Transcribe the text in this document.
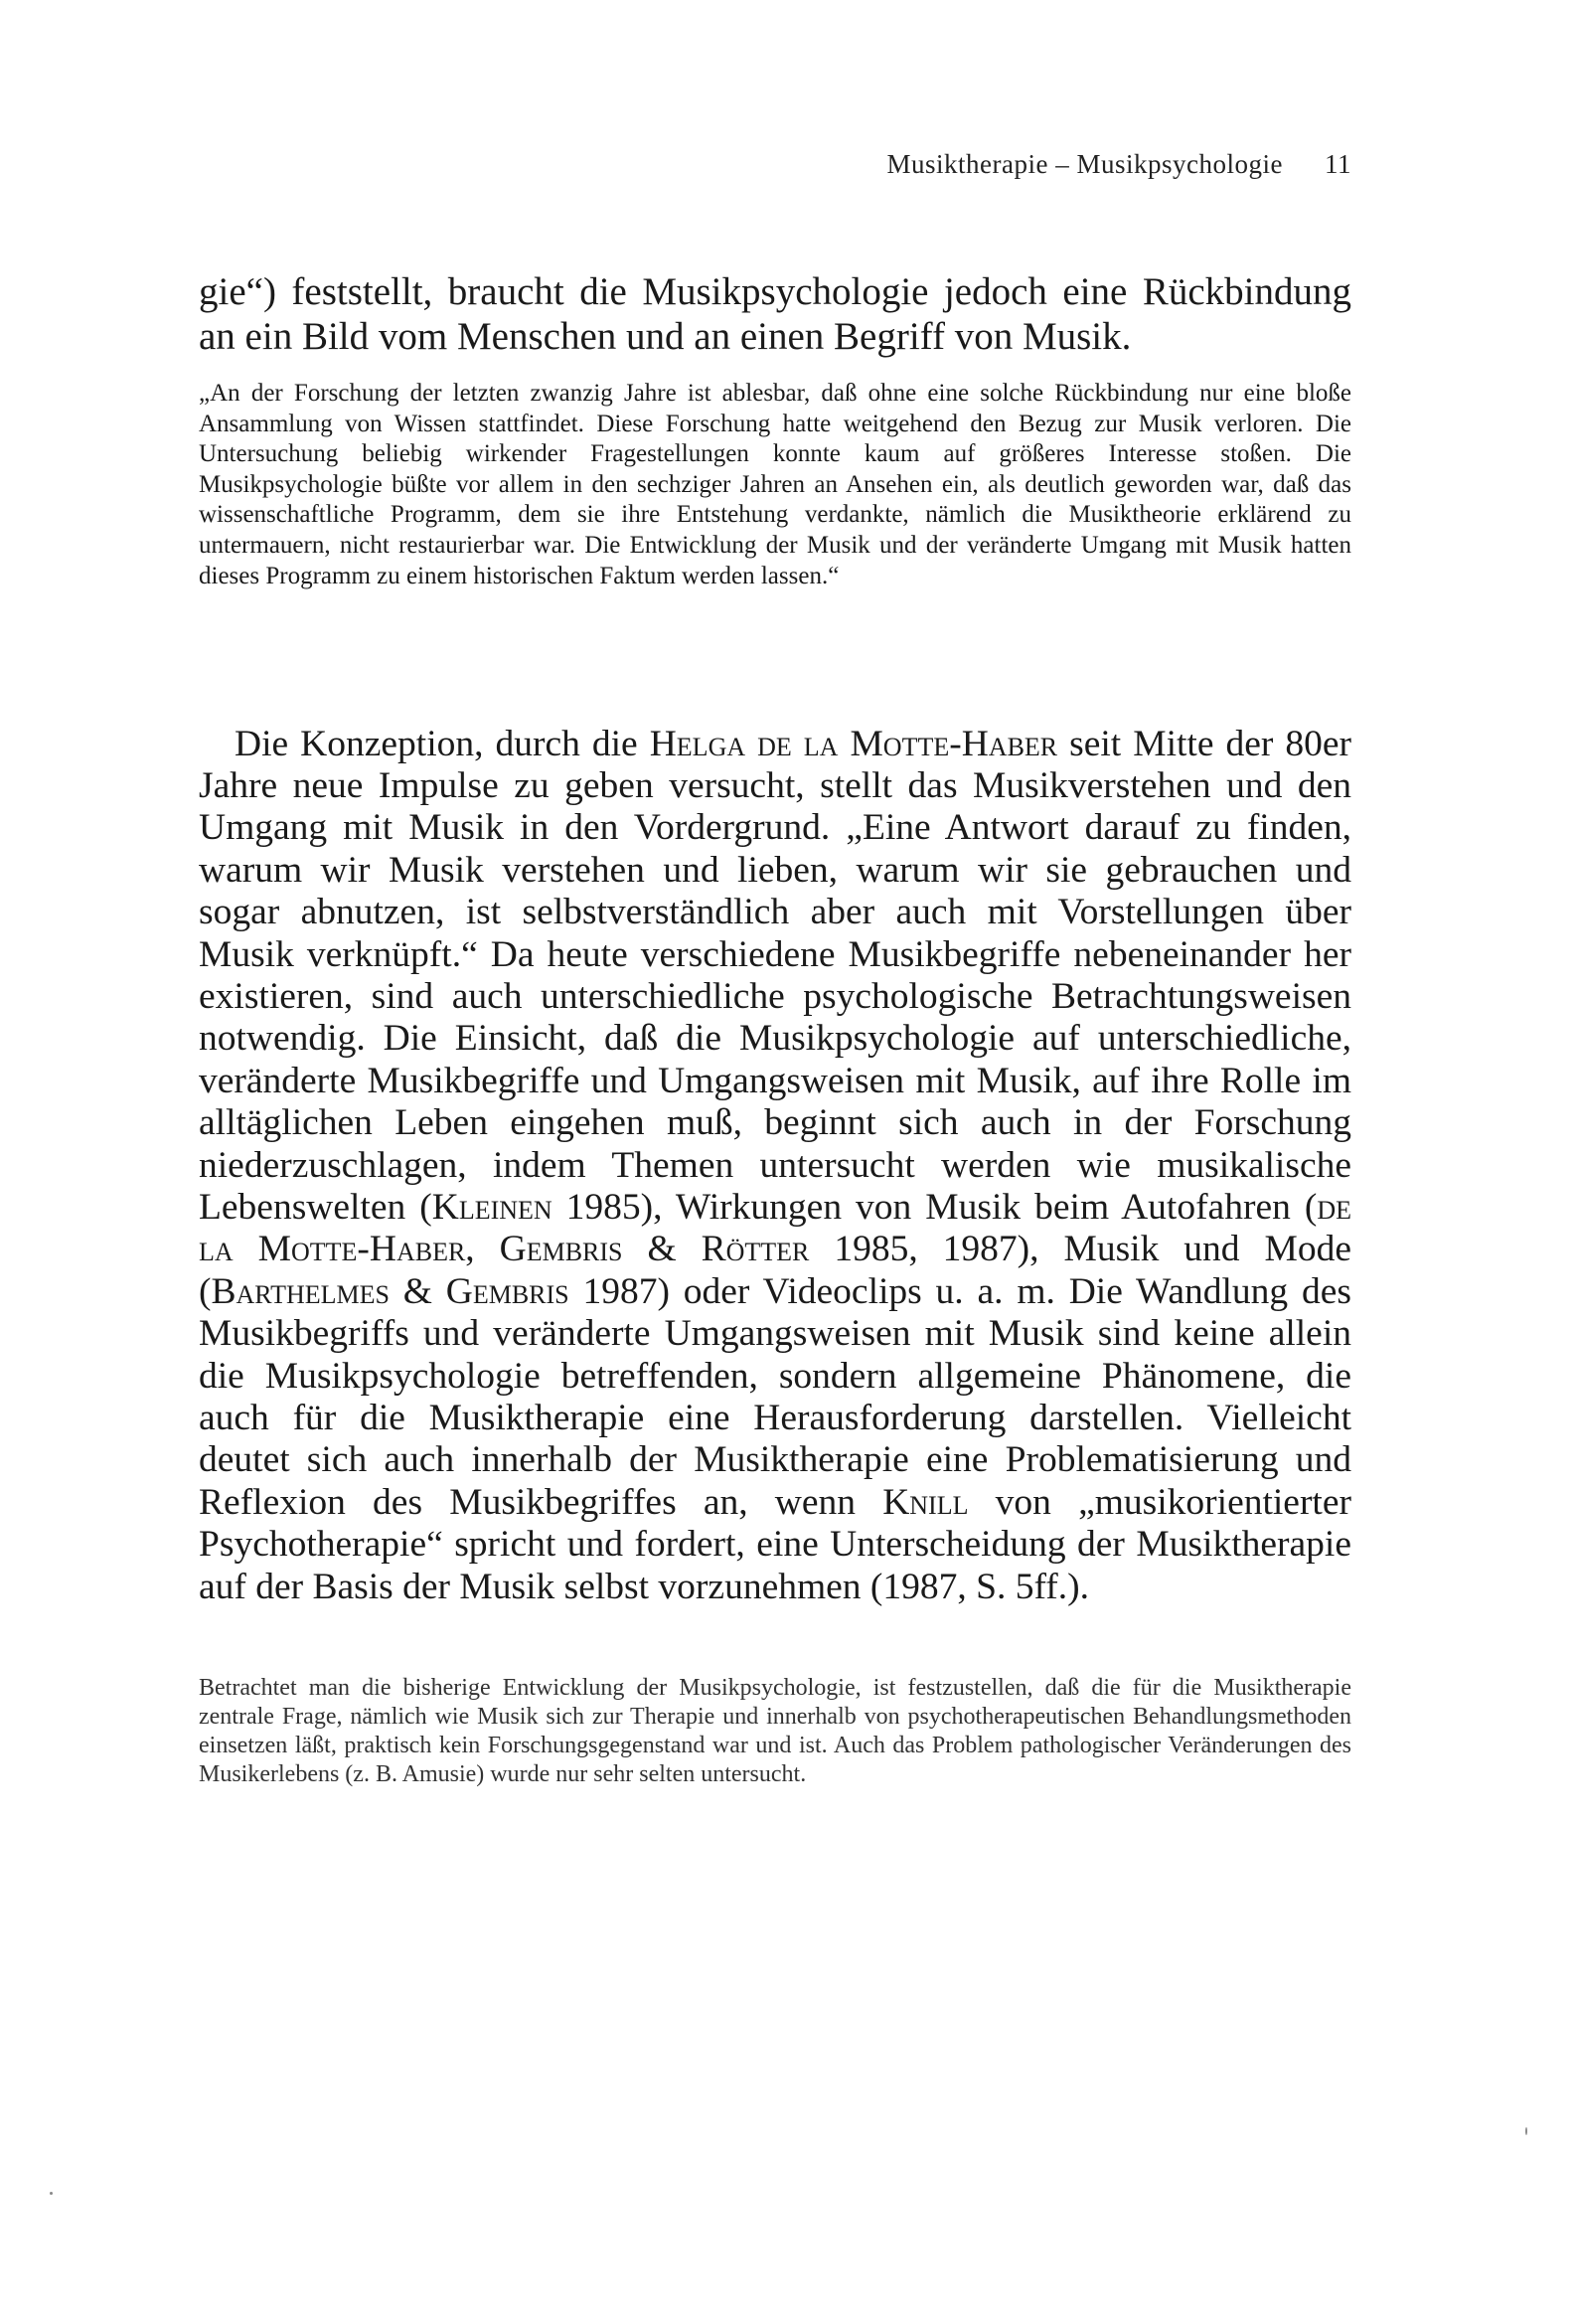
Musiktherapie – Musikpsychologie 11

gie“) feststellt, braucht die Musikpsychologie jedoch eine Rückbindung an ein Bild vom Menschen und an einen Begriff von Musik.

„An der Forschung der letzten zwanzig Jahre ist ablesbar, daß ohne eine solche Rückbindung nur eine bloße Ansammlung von Wissen stattfindet. Diese Forschung hatte weitgehend den Bezug zur Musik verloren. Die Untersuchung beliebig wirkender Fragestellungen konnte kaum auf größeres Interesse stoßen. Die Musikpsychologie büßte vor allem in den sechziger Jahren an Ansehen ein, als deutlich geworden war, daß das wissenschaftliche Programm, dem sie ihre Entstehung verdankte, nämlich die Musiktheorie erklärend zu untermauern, nicht restaurierbar war. Die Entwicklung der Musik und der veränderte Umgang mit Musik hatten dieses Programm zu einem historischen Faktum werden lassen.“

Die Konzeption, durch die Helga de la Motte-Haber seit Mitte der 80er Jahre neue Impulse zu geben versucht, stellt das Musikverstehen und den Umgang mit Musik in den Vordergrund. „Eine Antwort darauf zu finden, warum wir Musik verstehen und lieben, warum wir sie gebrauchen und sogar abnutzen, ist selbstverständlich aber auch mit Vorstellungen über Musik verknüpft.“ Da heute verschiedene Musikbegriffe nebeneinander her existieren, sind auch unterschiedliche psychologische Betrachtungsweisen notwendig. Die Einsicht, daß die Musikpsychologie auf unterschiedliche, veränderte Musikbegriffe und Umgangsweisen mit Musik, auf ihre Rolle im alltäglichen Leben eingehen muß, beginnt sich auch in der Forschung niederzuschlagen, indem Themen untersucht werden wie musikalische Lebenswelten (Kleinen 1985), Wirkungen von Musik beim Autofahren (de la Motte-Haber, Gembris & Rötter 1985, 1987), Musik und Mode (Barthelmes & Gembris 1987) oder Videoclips u. a. m. Die Wandlung des Musikbegriffs und veränderte Umgangsweisen mit Musik sind keine allein die Musikpsychologie betreffenden, sondern allgemeine Phänomene, die auch für die Musiktherapie eine Herausforderung darstellen. Vielleicht deutet sich auch innerhalb der Musiktherapie eine Problematisierung und Reflexion des Musikbegriffes an, wenn Knill von „musikorientierter Psychotherapie“ spricht und fordert, eine Unterscheidung der Musiktherapie auf der Basis der Musik selbst vorzunehmen (1987, S. 5ff.).

Betrachtet man die bisherige Entwicklung der Musikpsychologie, ist festzustellen, daß die für die Musiktherapie zentrale Frage, nämlich wie Musik sich zur Therapie und innerhalb von psychotherapeutischen Behandlungsmethoden einsetzen läßt, praktisch kein Forschungsgegenstand war und ist. Auch das Problem pathologischer Veränderungen des Musikerlebens (z. B. Amusie) wurde nur sehr selten untersucht.
